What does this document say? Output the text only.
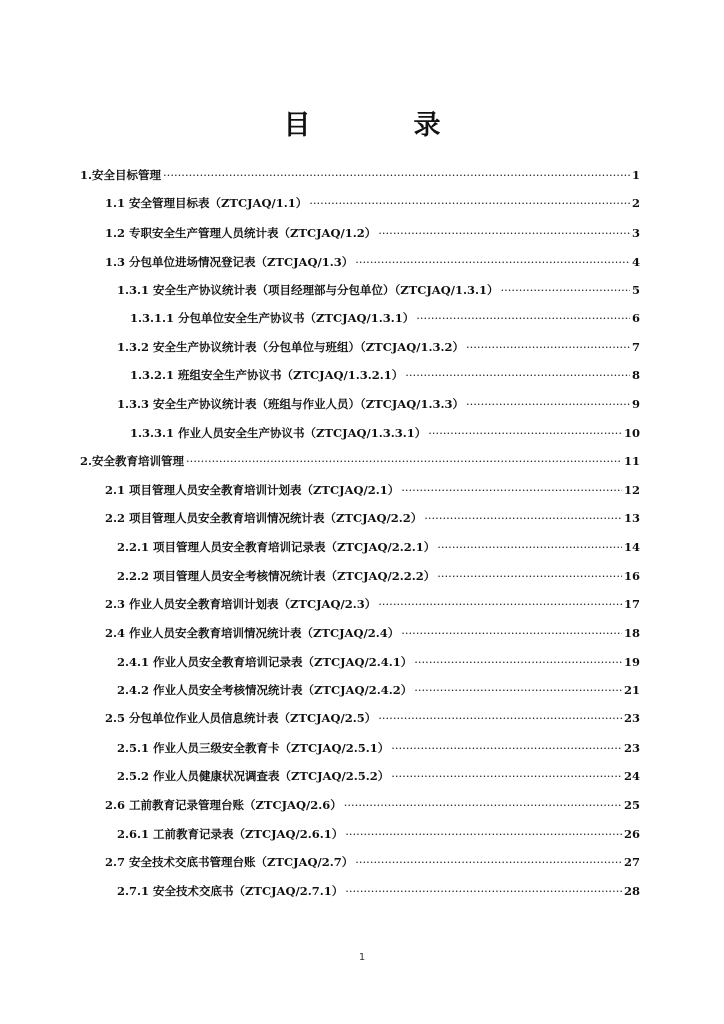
目　录
1.安全目标管理 ·····	1
1.1 安全管理目标表（ZTCJAQ/1.1） ·····	2
1.2 专职安全生产管理人员统计表（ZTCJAQ/1.2） ·····	3
1.3 分包单位进场情况登记表（ZTCJAQ/1.3） ·····	4
1.3.1 安全生产协议统计表（项目经理部与分包单位）（ZTCJAQ/1.3.1） ·····	5
1.3.1.1 分包单位安全生产协议书（ZTCJAQ/1.3.1） ·····	6
1.3.2 安全生产协议统计表（分包单位与班组）（ZTCJAQ/1.3.2） ·····	7
1.3.2.1 班组安全生产协议书（ZTCJAQ/1.3.2.1） ·····	8
1.3.3 安全生产协议统计表（班组与作业人员）（ZTCJAQ/1.3.3） ·····	9
1.3.3.1 作业人员安全生产协议书（ZTCJAQ/1.3.3.1） ·····	10
2.安全教育培训管理 ·····	11
2.1 项目管理人员安全教育培训计划表（ZTCJAQ/2.1） ·····	12
2.2 项目管理人员安全教育培训情况统计表（ZTCJAQ/2.2） ·····	13
2.2.1 项目管理人员安全教育培训记录表（ZTCJAQ/2.2.1） ·····	14
2.2.2 项目管理人员安全考核情况统计表（ZTCJAQ/2.2.2） ·····	16
2.3 作业人员安全教育培训计划表（ZTCJAQ/2.3） ·····	17
2.4 作业人员安全教育培训情况统计表（ZTCJAQ/2.4） ·····	18
2.4.1 作业人员安全教育培训记录表（ZTCJAQ/2.4.1） ·····	19
2.4.2 作业人员安全考核情况统计表（ZTCJAQ/2.4.2） ·····	21
2.5 分包单位作业人员信息统计表（ZTCJAQ/2.5） ·····	23
2.5.1 作业人员三级安全教育卡（ZTCJAQ/2.5.1） ·····	23
2.5.2 作业人员健康状况调查表（ZTCJAQ/2.5.2） ·····	24
2.6 工前教育记录管理台账（ZTCJAQ/2.6） ·····	25
2.6.1 工前教育记录表（ZTCJAQ/2.6.1） ·····	26
2.7 安全技术交底书管理台账（ZTCJAQ/2.7） ·····	27
2.7.1 安全技术交底书（ZTCJAQ/2.7.1） ·····	28
1
